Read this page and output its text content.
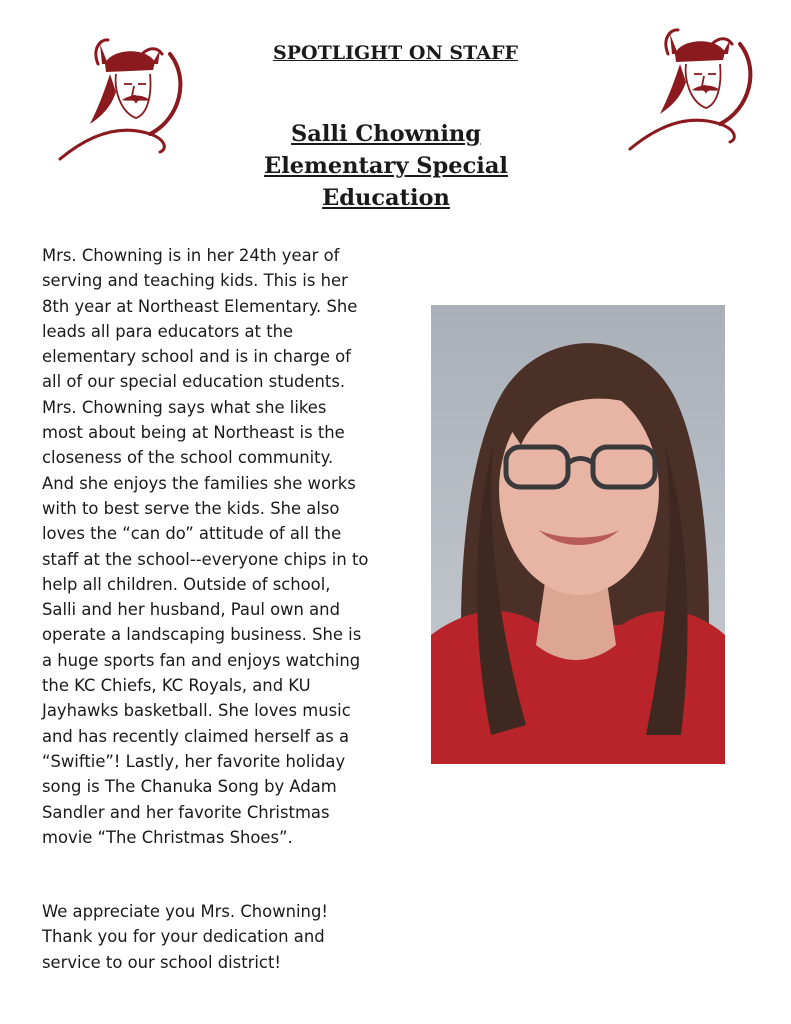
SPOTLIGHT ON STAFF
Salli Chowning
Elementary Special
Education

Mrs. Chowning is in her 24th year of
serving and teaching kids. This is her
8th year at Northeast Elementary. She
leads all para educators at the
elementary school and is in charge of
all of our special education students.
Mrs. Chowning says what she likes
most about being at Northeast is the
closeness of the school community.
And she enjoys the families she works
with to best serve the kids. She also
loves the “can do” attitude of all the
staff at the school--everyone chips in to
help all children. Outside of school,
Salli and her husband, Paul own and
operate a landscaping business. She is
a huge sports fan and enjoys watching
the KC Chiefs, KC Royals, and KU
Jayhawks basketball. She loves music
and has recently claimed herself as a
“Swiftie”! Lastly, her favorite holiday
song is The Chanuka Song by Adam
Sandler and her favorite Christmas
movie “The Christmas Shoes”.

We appreciate you Mrs. Chowning!
Thank you for your dedication and
service to our school district!
